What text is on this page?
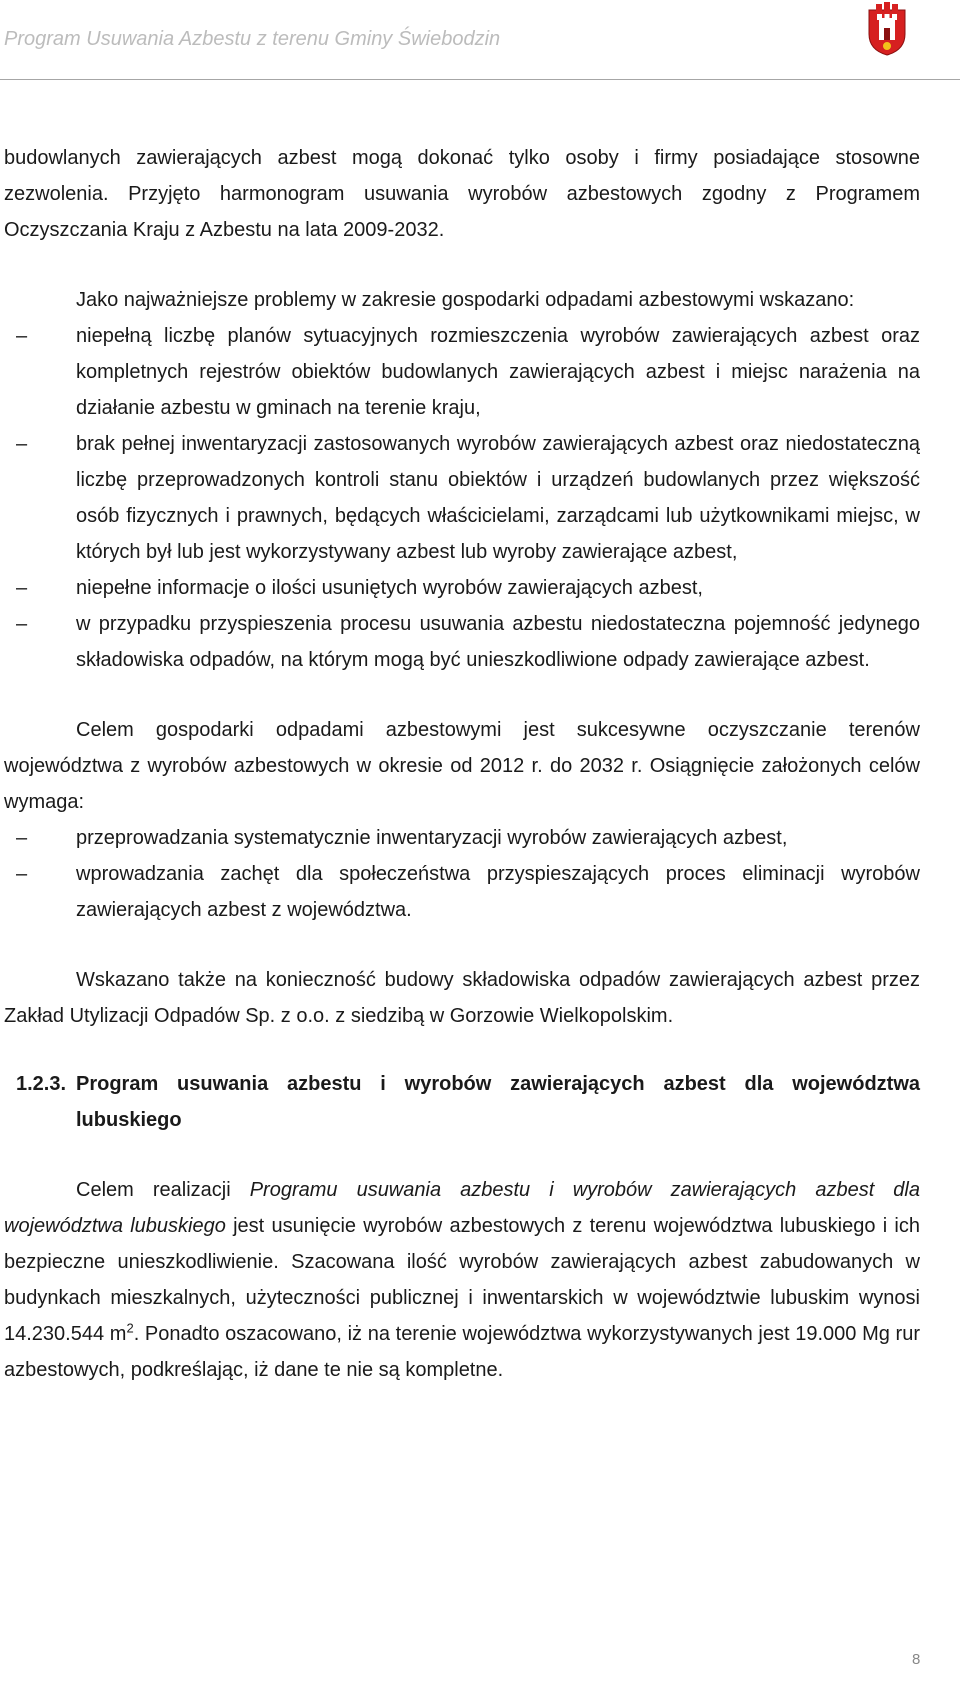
Program Usuwania Azbestu z terenu Gminy Świebodzin

budowlanych zawierających azbest mogą dokonać tylko osoby i firmy posiadające stosowne zezwolenia. Przyjęto harmonogram usuwania wyrobów azbestowych zgodny z Programem Oczyszczania Kraju z Azbestu na lata 2009-2032.

Jako najważniejsze problemy w zakresie gospodarki odpadami azbestowymi wskazano:

–	niepełną liczbę planów sytuacyjnych rozmieszczenia wyrobów zawierających azbest oraz kompletnych rejestrów obiektów budowlanych zawierających azbest i miejsc narażenia na działanie azbestu w gminach na terenie kraju,
–	brak pełnej inwentaryzacji zastosowanych wyrobów zawierających azbest oraz niedostateczną liczbę przeprowadzonych kontroli stanu obiektów i urządzeń budowlanych przez większość osób fizycznych i prawnych, będących właścicielami, zarządcami lub użytkownikami miejsc, w których był lub jest wykorzystywany azbest lub wyroby zawierające azbest,
–	niepełne informacje o ilości usuniętych wyrobów zawierających azbest,
–	w przypadku przyspieszenia procesu usuwania azbestu niedostateczna pojemność jedynego składowiska odpadów, na którym mogą być unieszkodliwione odpady zawierające azbest.

Celem gospodarki odpadami azbestowymi jest sukcesywne oczyszczanie terenów województwa z wyrobów azbestowych w okresie od 2012 r. do 2032 r. Osiągnięcie założonych celów wymaga:

–	przeprowadzania systematycznie inwentaryzacji wyrobów zawierających azbest,
–	wprowadzania zachęt dla społeczeństwa przyspieszających proces eliminacji wyrobów zawierających azbest z województwa.

Wskazano także na konieczność budowy składowiska odpadów zawierających azbest przez Zakład Utylizacji Odpadów Sp. z o.o. z siedzibą w Gorzowie Wielkopolskim.

1.2.3. Program usuwania azbestu i wyrobów zawierających azbest dla województwa lubuskiego

Celem realizacji Programu usuwania azbestu i wyrobów zawierających azbest dla województwa lubuskiego jest usunięcie wyrobów azbestowych z terenu województwa lubuskiego i ich bezpieczne unieszkodliwienie. Szacowana ilość wyrobów zawierających azbest zabudowanych w budynkach mieszkalnych, użyteczności publicznej i inwentarskich w województwie lubuskim wynosi 14.230.544 $m^2$. Ponadto oszacowano, iż na terenie województwa wykorzystywanych jest 19.000 Mg rur azbestowych, podkreślając, iż dane te nie są kompletne.

8
